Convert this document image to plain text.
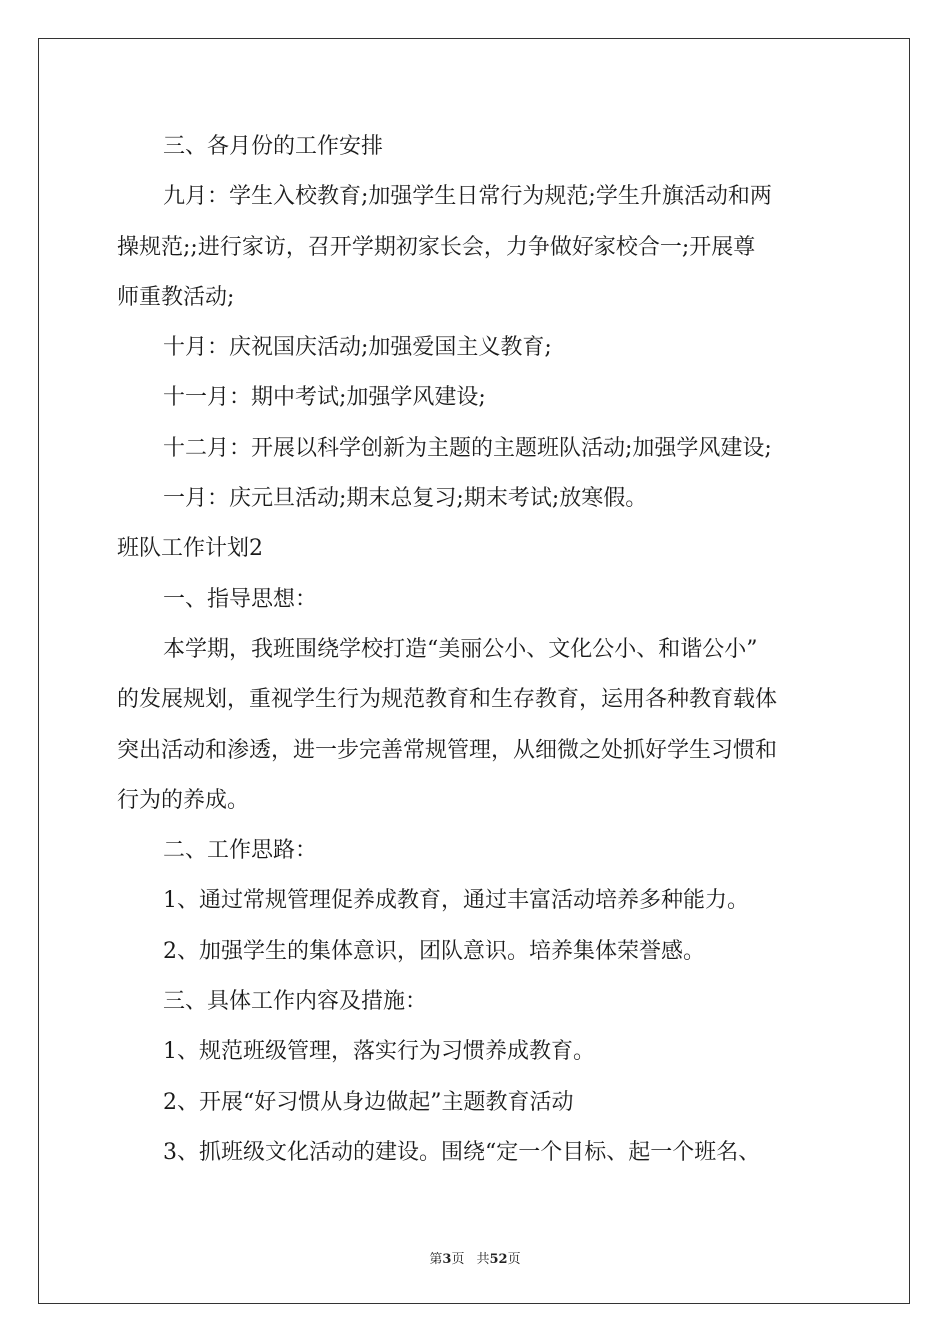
三、各月份的工作安排
九月：学生入校教育;加强学生日常行为规范;学生升旗活动和两
操规范;;进行家访，召开学期初家长会，力争做好家校合一;开展尊
师重教活动;
十月：庆祝国庆活动;加强爱国主义教育;
十一月：期中考试;加强学风建设;
十二月：开展以科学创新为主题的主题班队活动;加强学风建设;
一月：庆元旦活动;期末总复习;期末考试;放寒假。
班队工作计划2
一、指导思想：
本学期，我班围绕学校打造“美丽公小、文化公小、和谐公小”
的发展规划，重视学生行为规范教育和生存教育，运用各种教育载体
突出活动和渗透，进一步完善常规管理，从细微之处抓好学生习惯和
行为的养成。
二、工作思路：
1、通过常规管理促养成教育，通过丰富活动培养多种能力。
2、加强学生的集体意识，团队意识。培养集体荣誉感。
三、具体工作内容及措施：
1、规范班级管理，落实行为习惯养成教育。
2、开展“好习惯从身边做起”主题教育活动
3、抓班级文化活动的建设。围绕“定一个目标、起一个班名、
第3页 共52页
